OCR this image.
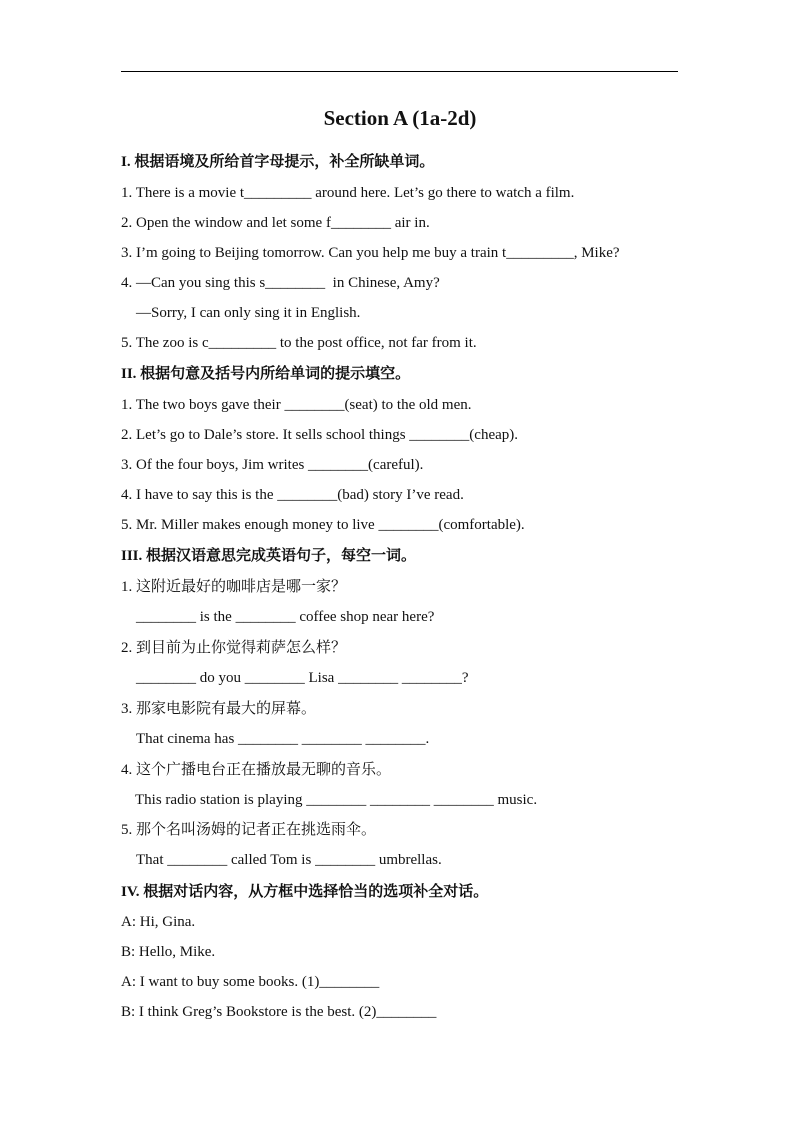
Section A (1a-2d)
I. 根据语境及所给首字母提示，补全所缺单词。
1. There is a movie t_________ around here. Let’s go there to watch a film.
2. Open the window and let some f________ air in.
3. I’m going to Beijing tomorrow. Can you help me buy a train t_________, Mike?
4. —Can you sing this s________  in Chinese, Amy?
—Sorry, I can only sing it in English.
5. The zoo is c_________ to the post office, not far from it.
II. 根据句意及括号内所给单词的提示填空。
1. The two boys gave their ________(seat) to the old men.
2. Let’s go to Dale’s store. It sells school things ________(cheap).
3. Of the four boys, Jim writes ________(careful).
4. I have to say this is the ________(bad) story I’ve read.
5. Mr. Miller makes enough money to live ________(comfortable).
III. 根据汉语意思完成英语句子，每空一词。
1. 这附近最好的咖啡店是哪一家？
________ is the ________ coffee shop near here?
2. 到目前为止你觉得莉萨怎么样？
________ do you ________ Lisa ________ ________?
3. 那家电影院有最大的屏幕。
That cinema has ________ ________ ________.
4. 这个广播电台正在播放最无聊的音乐。
This radio station is playing ________ ________ ________ music.
5. 那个名叫汤姆的记者正在挑选雨伞。
That ________ called Tom is ________ umbrellas.
IV. 根据对话内容，从方框中选择恰当的选项补全对话。
A: Hi, Gina.
B: Hello, Mike.
A: I want to buy some books. (1)________
B: I think Greg’s Bookstore is the best. (2)________
